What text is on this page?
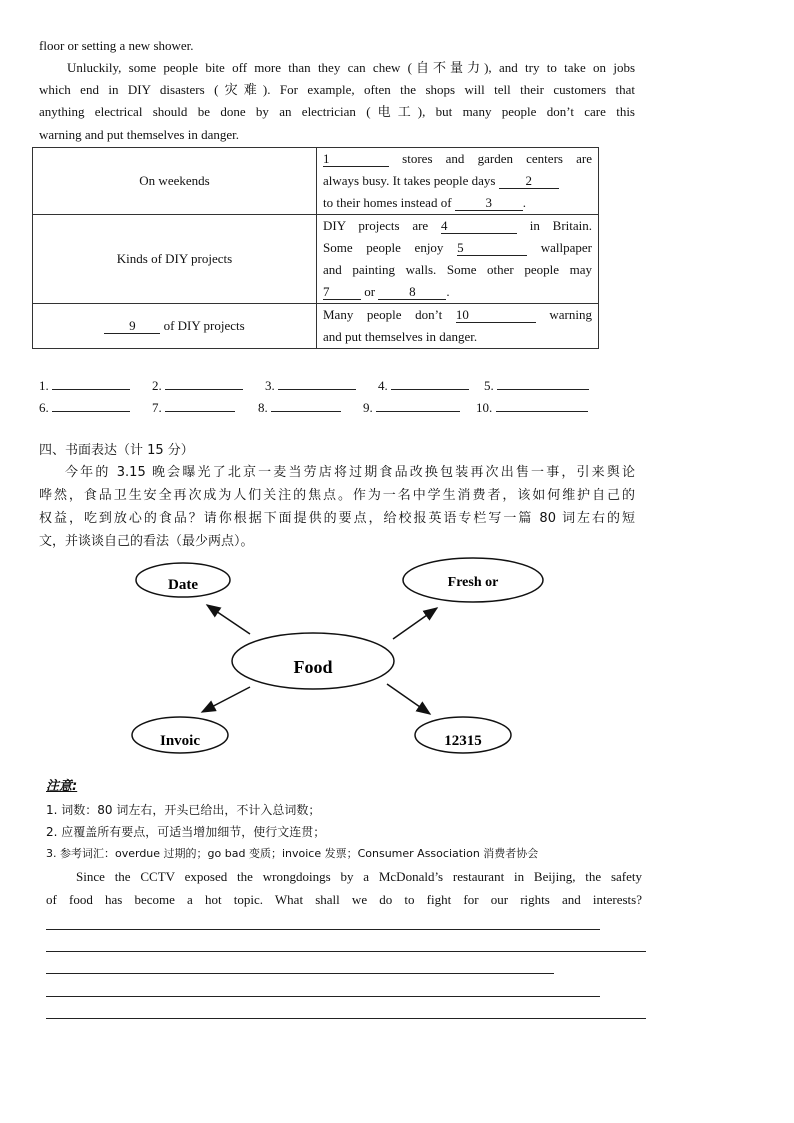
floor or setting a new shower.

Unluckily, some people bite off more than they can chew (自不量力), and try to take on jobs

which end in DIY disasters (灾难). For example, often the shops will tell their customers that

anything electrical should be done by an electrician (电工), but many people don’t care this

warning and put themselves in danger.

On weekends	1 stores and garden centers are
always busy. It takes people days 2
to their homes instead of 3 .

Kinds of DIY projects	DIY projects are 4 in Britain.
Some people enjoy 5 wallpaper
and painting walls. Some other people may
7 or 8 .

9 of DIY projects	Many people don’t 10 warning
and put themselves in danger.
1.	2.	3.	4.	5.
6.	7.	8.	9.	10.

四、书面表达（计 15 分）

今年的 3.15 晚会曝光了北京一麦当劳店将过期食品改换包装再次出售一事，引来舆论

哗然，食品卫生安全再次成为人们关注的焦点。作为一名中学生消费者，该如何维护自己的

权益，吃到放心的食品？请你根据下面提供的要点，给校报英语专栏写一篇 80 词左右的短

文，并谈谈自己的看法（最少两点）。

Date	Fresh or
Food
Invoic	12315

注意:

1. 词数：80 词左右，开头已给出，不计入总词数；

2. 应覆盖所有要点，可适当增加细节，使行文连贯；

3. 参考词汇：overdue 过期的；go bad 变质；invoice 发票；Consumer Association 消费者协会

Since the CCTV exposed the wrongdoings by a McDonald’s restaurant in Beijing, the safety

of food has become a hot topic. What shall we do to fight for our rights and interests?
